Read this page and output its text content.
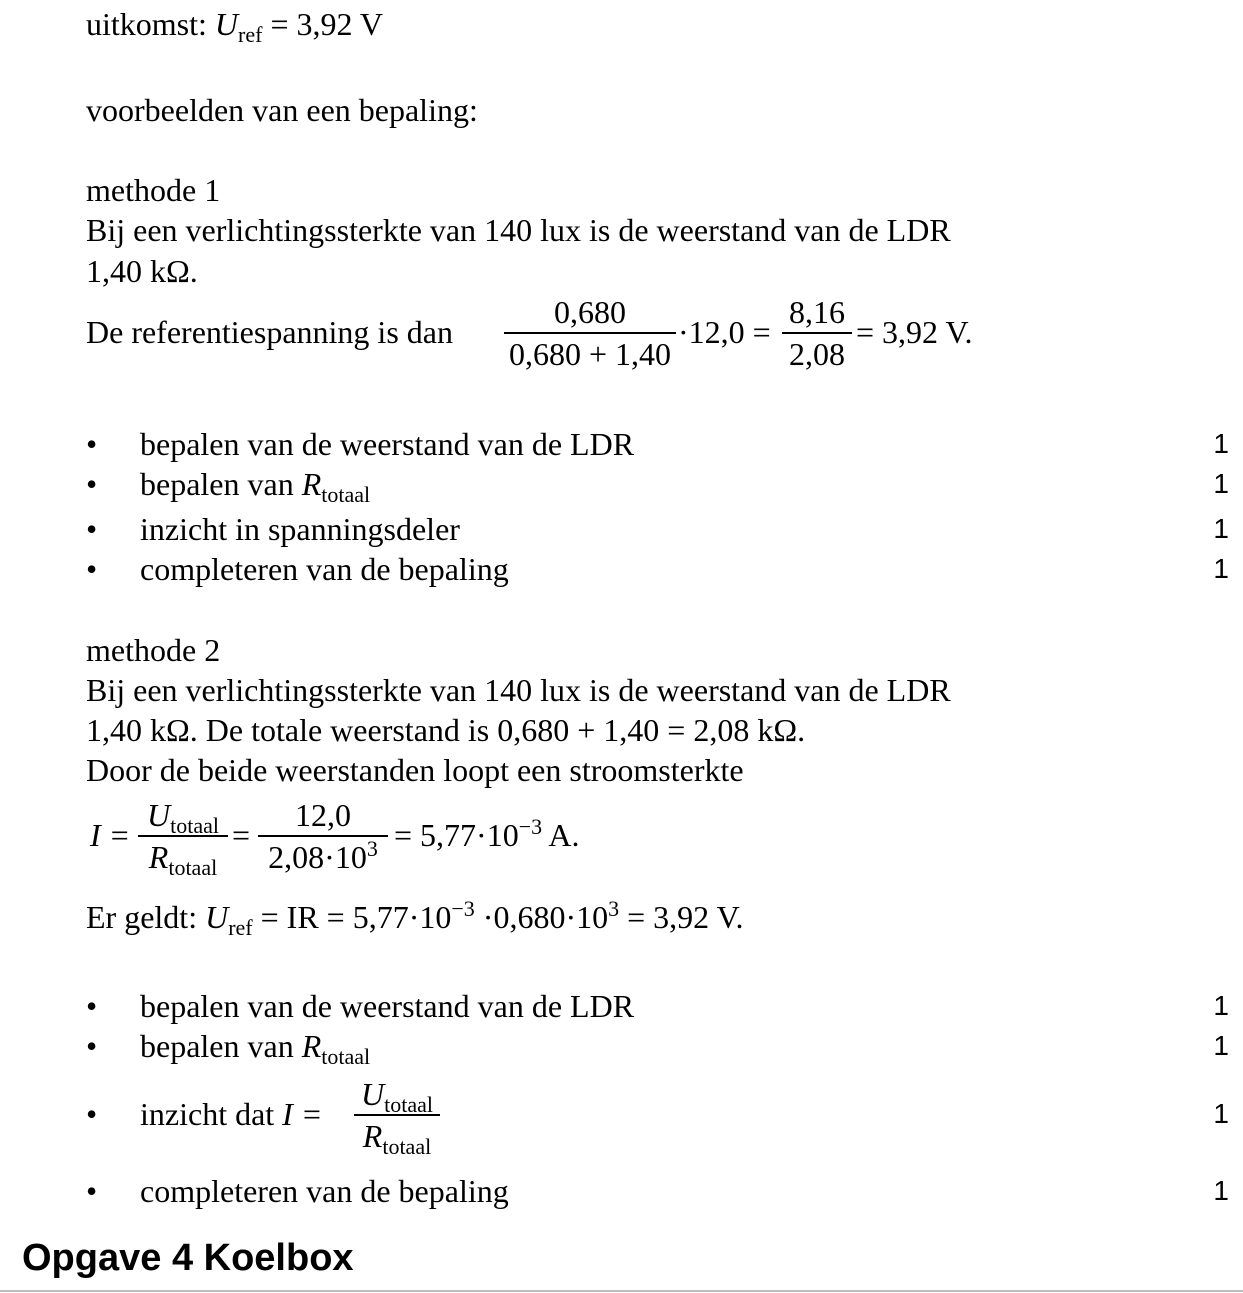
uitkomst: $U_{ref} = 3,92$ V
voorbeelden van een bepaling:
methode 1
Bij een verlichtingssterkte van 140 lux is de weerstand van de LDR
1,40 kΩ.
De referentiespanning is dan
0,680
0,680 + 1,40
·12,0 =
8,16
2,08
= 3,92 V.
• bepalen van de weerstand van de LDR	1
• bepalen van $R_{totaal}$	1
• inzicht in spanningsdeler	1
• completeren van de bepaling	1
methode 2
Bij een verlichtingssterkte van 140 lux is de weerstand van de LDR
1,40 kΩ. De totale weerstand is 0,680 + 1,40 = 2,08 kΩ.
Door de beide weerstanden loopt een stroomsterkte
I =
$U_{totaal}$
$R_{totaal}$
=
12,0
$2,08\cdot 10^3 = 5,77\cdot 10^{-3}$ A.
Er geldt: $U_{ref}$ = IR = $5,77\cdot 10^{-3} \cdot 0,680\cdot 10^3 = 3,92$ V.
• bepalen van de weerstand van de LDR	1
• bepalen van $R_{totaal}$	1
• inzicht dat I =
$U_{totaal}$
$R_{totaal}$
1
• completeren van de bepaling	1
Opgave 4 Koelbox
